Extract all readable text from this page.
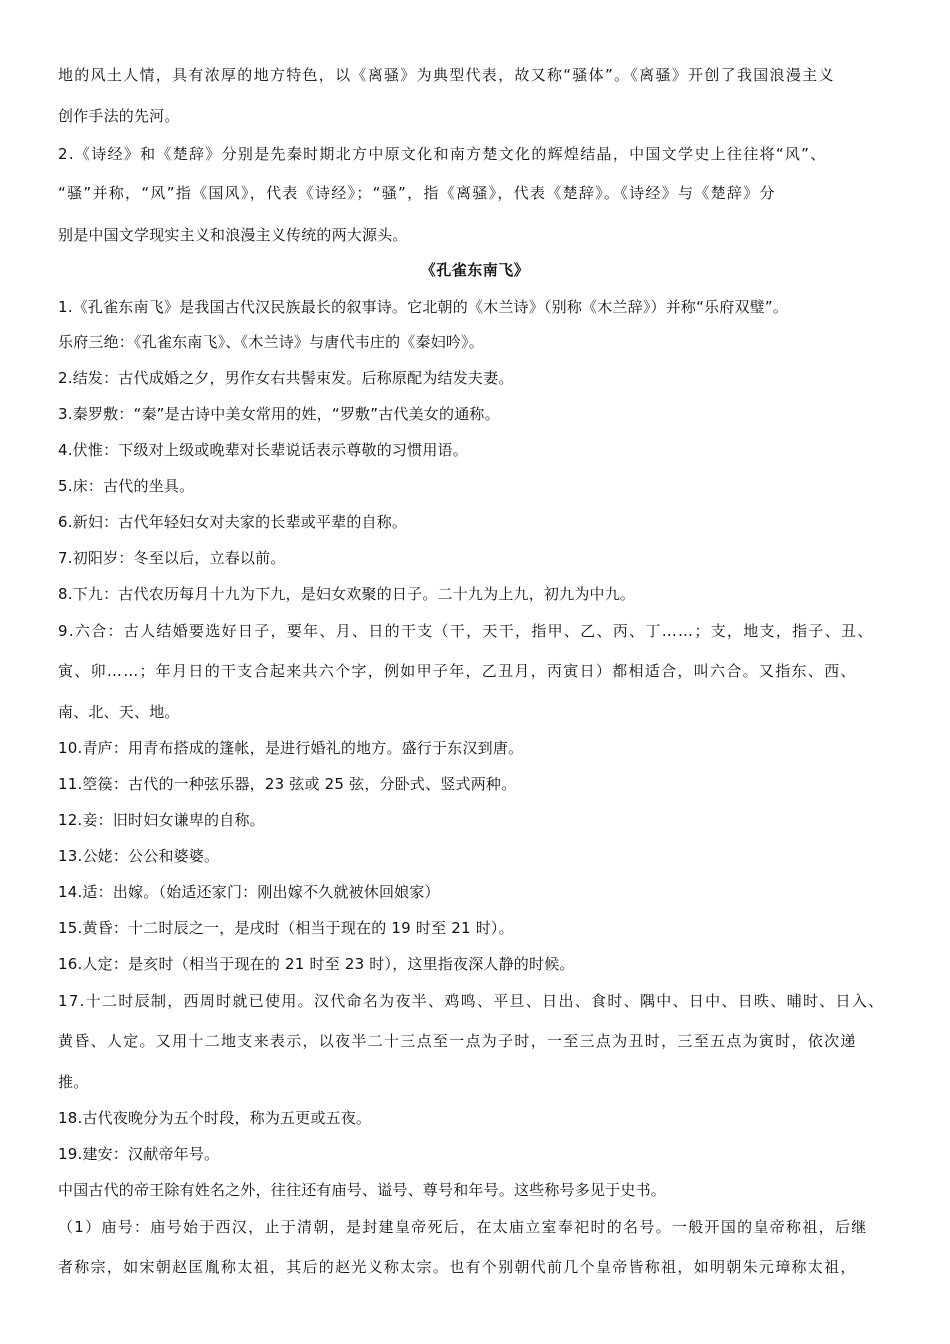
地的风土人情，具有浓厚的地方特色，以《离骚》为典型代表，故又称“骚体”。《离骚》开创了我国浪漫主义
创作手法的先河。
2.《诗经》和《楚辞》分别是先秦时期北方中原文化和南方楚文化的辉煌结晶，中国文学史上往往将“风”、
“骚”并称，“风”指《国风》，代表《诗经》；“骚”，指《离骚》，代表《楚辞》。《诗经》与《楚辞》分
别是中国文学现实主义和浪漫主义传统的两大源头。
《孔雀东南飞》
1.《孔雀东南飞》是我国古代汉民族最长的叙事诗。它北朝的《木兰诗》（别称《木兰辞》）并称“乐府双璧”。
乐府三绝：《孔雀东南飞》、《木兰诗》与唐代韦庄的《秦妇吟》。
2.结发：古代成婚之夕，男作女右共髻束发。后称原配为结发夫妻。
3.秦罗敷：“秦”是古诗中美女常用的姓，“罗敷”古代美女的通称。
4.伏惟：下级对上级或晚辈对长辈说话表示尊敬的习惯用语。
5.床：古代的坐具。
6.新妇：古代年轻妇女对夫家的长辈或平辈的自称。
7.初阳岁：冬至以后，立春以前。
8.下九：古代农历每月十九为下九，是妇女欢聚的日子。二十九为上九，初九为中九。
9.六合：古人结婚要选好日子，要年、月、日的干支（干，天干，指甲、乙、丙、丁……；支，地支，指子、丑、
寅、卯……；年月日的干支合起来共六个字，例如甲子年，乙丑月，丙寅日）都相适合，叫六合。又指东、西、
南、北、天、地。
10.青庐：用青布搭成的篷帐，是进行婚礼的地方。盛行于东汉到唐。
11.箜篌：古代的一种弦乐器，23 弦或 25 弦，分卧式、竖式两种。
12.妾：旧时妇女谦卑的自称。
13.公姥：公公和婆婆。
14.适：出嫁。（始适还家门：刚出嫁不久就被休回娘家）
15.黄昏：十二时辰之一，是戌时（相当于现在的 19 时至 21 时）。
16.人定：是亥时（相当于现在的 21 时至 23 时），这里指夜深人静的时候。
17.十二时辰制，西周时就已使用。汉代命名为夜半、鸡鸣、平旦、日出、食时、隅中、日中、日昳、晡时、日入、
黄昏、人定。又用十二地支来表示，以夜半二十三点至一点为子时，一至三点为丑时，三至五点为寅时，依次递
推。
18.古代夜晚分为五个时段，称为五更或五夜。
19.建安：汉献帝年号。
中国古代的帝王除有姓名之外，往往还有庙号、谥号、尊号和年号。这些称号多见于史书。
（1）庙号：庙号始于西汉，止于清朝，是封建皇帝死后，在太庙立室奉祀时的名号。一般开国的皇帝称祖，后继
者称宗，如宋朝赵匡胤称太祖，其后的赵光义称太宗。也有个别朝代前几个皇帝皆称祖，如明朝朱元璋称太祖，
